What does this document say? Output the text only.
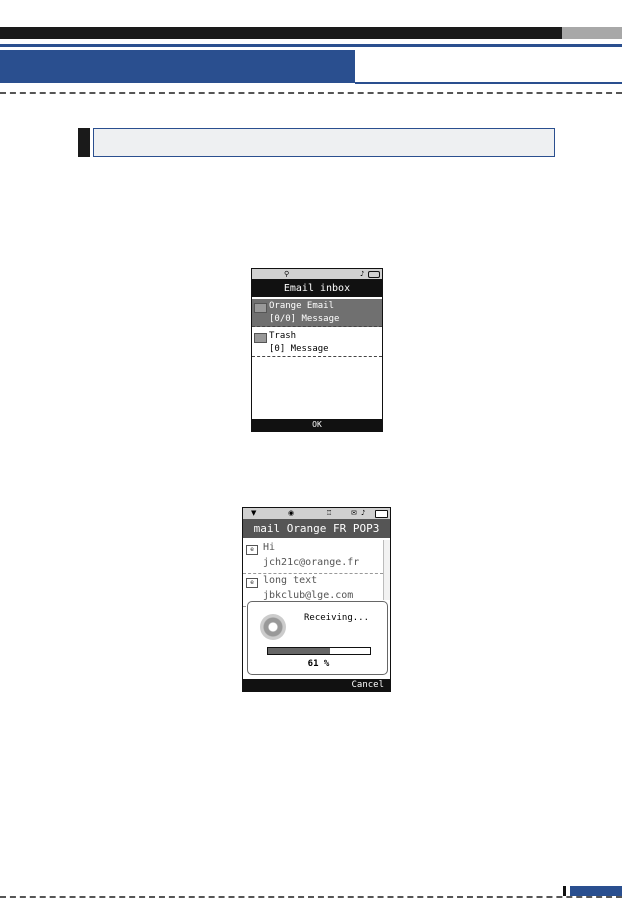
⚲	♪
Email inbox
Orange Email
[0/0] Message
Trash
[0] Message
OK
▼	◉	♖	✉ ♪
mail Orange FR POP3
e Hi
jch21c@orange.fr
e long text
jbkclub@lge.com
Receiving...
61 %
Cancel
